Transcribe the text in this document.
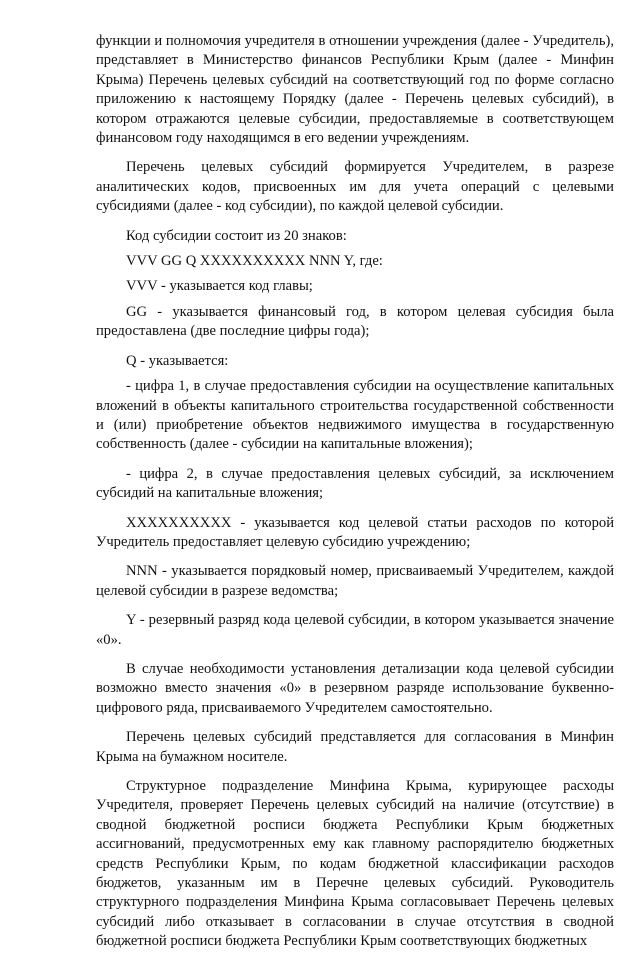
функции и полномочия учредителя в отношении учреждения (далее - Учредитель), представляет в Министерство финансов Республики Крым (далее - Минфин Крыма) Перечень целевых субсидий на соответствующий год по форме согласно приложению к настоящему Порядку (далее - Перечень целевых субсидий), в котором отражаются целевые субсидии, предоставляемые в соответствующем финансовом году находящимся в его ведении учреждениям.

Перечень целевых субсидий формируется Учредителем, в разрезе аналитических кодов, присвоенных им для учета операций с целевыми субсидиями (далее - код субсидии), по каждой целевой субсидии.

Код субсидии состоит из 20 знаков:

VVV GG Q XXXXXXXXXX NNN Y, где:

VVV - указывается код главы;

GG - указывается финансовый год, в котором целевая субсидия была предоставлена (две последние цифры года);

Q - указывается:

- цифра 1, в случае предоставления субсидии на осуществление капитальных вложений в объекты капитального строительства государственной собственности и (или) приобретение объектов недвижимого имущества в государственную собственность (далее - субсидии на капитальные вложения);

- цифра 2, в случае предоставления целевых субсидий, за исключением субсидий на капитальные вложения;

XXXXXXXXXX - указывается код целевой статьи расходов по которой Учредитель предоставляет целевую субсидию учреждению;

NNN - указывается порядковый номер, присваиваемый Учредителем, каждой целевой субсидии в разрезе ведомства;

Y - резервный разряд кода целевой субсидии, в котором указывается значение «0».

В случае необходимости установления детализации кода целевой субсидии возможно вместо значения «0» в резервном разряде использование буквенно-цифрового ряда, присваиваемого Учредителем самостоятельно.

Перечень целевых субсидий представляется для согласования в Минфин Крыма на бумажном носителе.

Структурное подразделение Минфина Крыма, курирующее расходы Учредителя, проверяет Перечень целевых субсидий на наличие (отсутствие) в сводной бюджетной росписи бюджета Республики Крым бюджетных ассигнований, предусмотренных ему как главному распорядителю бюджетных средств Республики Крым, по кодам бюджетной классификации расходов бюджетов, указанным им в Перечне целевых субсидий. Руководитель структурного подразделения Минфина Крыма согласовывает Перечень целевых субсидий либо отказывает в согласовании в случае отсутствия в сводной бюджетной росписи бюджета Республики Крым соответствующих бюджетных
